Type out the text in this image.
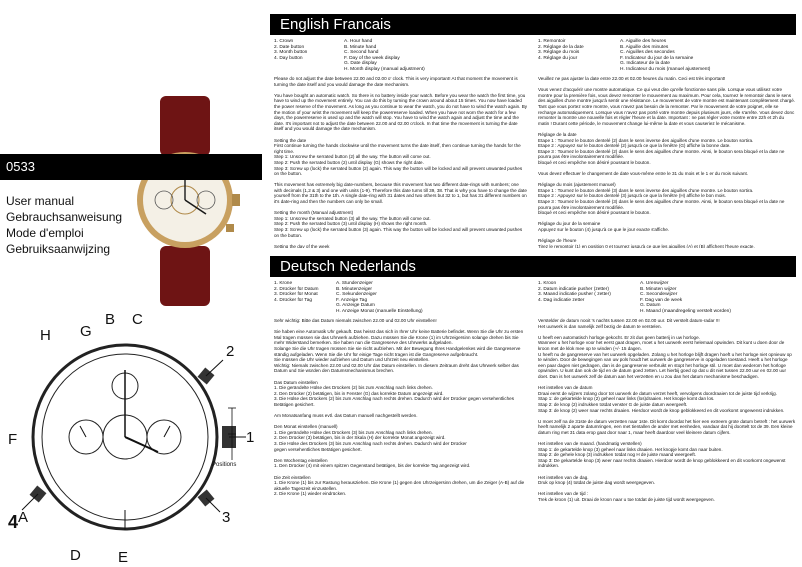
0533
User manual
Gebrauchsanweisung
Mode d'emploi
Gebruiksaanwijzing
B C
G
F
E
A
D
H
2
1
3
4
Positions
English Francais
1. Crown
2. Date button
3. Month button
4. Day button
A. Hour hand
B. Minute hand
C. Second hand
F. Day of the week display
G. Date display
H. Month display (manual adjustment)
1. Remontoir
2. Réglage de la date
3. Réglage du mois
4. Réglage du jour
A. Aiguille des heures
B. Aiguille des minutes
C. Aiguilles des secondes
F. Indicateur du jour de la semaine
G. Indicateur de la date
H. Indicateur du mois (manuel ajustement)
Please do not adjust the date between 22.00 and 02.00 o' clock. This is very important! At that moment the movement is turning the date itself and you would damage the date mechanism.

You have bought an automatic watch. So there is no battery inside your watch. Before you wear the watch the first time, you have to wind up the movement entirely. You can do this by turning the crown around about 15 times. You now have loaded the power reserve of the movement. As long as you continue to wear the watch, you do not have to wind the watch again. By the motion of your wrist the movement will keep the powerreserve loaded. When you have not worn the watch for a few days, the powerreserve is used up and the watch will stop. You have to wind the watch again and adjust the time and the date. It's important not to adjust the date between 22.00 and 02.00 o'clock. In that time the movement is turning the date itself and you would damage the date mechanism.

Setting the date
First continue turning the hands clockwise until the movement turns the date itself, then continue turning the hands for the right time.
Step 1: Unscrew the serrated button (2) all the way. The button will come out.
Step 2: Push the serrated button (2) until display (G) shows the right date.
Step 3: Screw up (lock) the serrated button (2) again. This way the button will be locked and will prevent unwanted pushes on the button.

This movement has extremely big date-numbers, because this movement has two different date-rings with numbers; one with decimals (1,2 & 3) and one with units (1-9). Therefore this date turns till 39, 38. That is why you have to change the date yourself from the 31th to the 1th. A single date-ring with 31 dates and two others but 32 to 1, but has 31 different numbers on it's date-ring and then the numbers can only be small.

Setting the month (Manual adjustment)
Step 1: Unscrew the serrated button (3) all the way. The button will come out.
Step 2: Push the serrated button (3) until display (H) shows the right month.
Step 3: Screw up (lock) the serrated button (3) again. This way the button will be locked and will prevent unwanted pushes on the button.

Setting the day of the week

Veuillez ne pas ajuster la date entre 22.00 et 02.00 heures du matin. Ceci est très important!

Vous venez d'acquérir une montre automatique. Ce qui veut dire qu'elle fonctionne sans pile. Lorsque vous utilisez votre montre pour la première fois, vous devez remonter le mouvement au maximum. Pour cela, tournez le remontoir dans le sens des aiguilles d'une montre jusqu'à sentir une résistance. Le mouvement de votre montre est maintenant complètement chargé. Tant que vous portez votre montre, vous n'avez pas besoin de la remonter. Par le mouvement de votre poignet, elle se recharge automatiquement. Lorsque vous n'avez pas porté votre montre depuis plusieurs jours, elle s'arrête. Vous devez donc remonter la montre une nouvelle fois et régler l'heure et la date. Important : ne pas régler votre montre entre 22h et 2h du matin ! Durant cette période, le mouvement change lui-même la date et vous causeriez le mécanisme.

Réglage de la date
Etape 1 : Tournez le bouton dentelé (2) dans le sens inverse des aiguilles d'une montre. Le bouton sortira.
Etape 2 : Appuyez sur le bouton dentelé (2) jusqu'à ce que la fenêtre (G) affiche la bonne date.
Etape 3 : Tournez le bouton dentelé (2) dans le sens des aiguilles d'une montre. Ainsi, le bouton sera bloqué et la date ne pourra pas être involontairement modifiée.
bloqué et ceci empêche non désiré poussant le bouton.

Vous devez effectuer le changement de date vous-même entre le 31 du mois et le 1 er du mois suivant.

Réglage du mois (ajustement manuel)
Etape 1 : Tournez le bouton dentelé (3) dans le sens inverse des aiguilles d'une montre. Le bouton sortira.
Etape 2 : Appuyez sur le bouton dentelé (3) jusqu'à ce que la fenêtre (H) affiche le bon mois.
Etape 3 : Tournez le bouton dentelé (3) dans le sens des aiguilles d'une montre. Ainsi, le bouton sera bloqué et la date ne pourra pas être involontairement modifiée.
bloqué et ceci empêche non désiré poussant le bouton.

Réglage du jour de la semaine
Appuyez sur le bouton (4) jusqu'à ce que le jour exacte s'affiche.

Réglage de l'heure
Tirez le remontoir (1) en position 0 et tournez jusqu'à ce que les aiguilles (A) et (B) affichent l'heure exacte.
Deutsch Nederlands
1. Krone
2. Drücker für Datum
3. Drücker für Monat
4. Drücker für Tag
A. Stundenzeiger
B. Minutenzeiger
C. Sekundenzeiger
F. Anzeige Tag
G. Anzeige Datum
H. Anzeige Monat (manuelle Einstellung)
1. Kroon
2. Datum indicatie pusher (zetter)
3. Maand indicatie pusher ( zetter)
4. Dag indicatie zetter
A. Urenwijzer
B. Minuten wijzer
C. Secondewijzer
F. Dag van de week
G. Datum
H. Maand (maandregeling verstelt worden)
Sehr wichtig: Bitte das Datum niemals zwischen 22.00 und 02.00 Uhr einstellen!

Sie haben eine Automatik Uhr gekauft. Das heisst das sich in Ihrer Uhr keine Batterie befindet. Wenn Sie die Uhr zu ersten Mal tragen müssen sie das Uhrwerk aufziehen. Dazu müssen Sie die Krone (1) im Uhrzeigersinn solange drehen bis Sie mehr Widerstand bemerken. Sie haben nun die Gangreserve des Uhrwerks aufgeladen.
Solange Sie die Uhr tragen müssen Sie sie nicht aufziehen. Mit der Bewegung Ihres Handgelenkes wird die Gangreserve ständig aufgeladen. Wenn Sie die Uhr für einige Tage nicht tragen ist die Gangreserve aufgebraucht.
Sie müssen die Uhr wieder aufziehen und Datum und Uhrzeit neu einstellen.
Wichtig: Niemals zwischen 22.00 und 02.00 Uhr das Datum einstellen. In diesem Zeitraum dreht das Uhrwerk selber das Datum und Sie würden den Datumsmechanismus brechen.

Das Datum einstellen
1. Die gerändelte Hülse des Drückers (2) bis zum Anschlag nach links drehen.
2. Den Drücker (2) betätigen, bis in Fenster (G) das korrekte Datum angezeigt wird.
3. Die Hülse des Drückers (2) bis zum Anschlag nach rechts drehen. Dadurch wird der Drücker gegen versehentliches Betätigen gesichert.

Am Monatsanfang muss evtl. das Datum manuell nachgestellt werden.

Den Monat einstellen (manuell)
1. Die gerändelte Hülse des Drückers (3) bis zum Anschlag nach links drehen.
2. Den Drücker (3) betätigen, bis in der Skala (H) der korrekte Monat angezeigt wird.
3. Die Hülse des Drückers (3) bis zum Anschlag nach rechts drehen. Dadurch wird der Drücker
gegen versehentliches Betätigen gesichert.

Den Wochentag einstellen
1. Den Drücker (4) mit einem spitzen Gegenstand betätigen, bis der korrekte Tag angezeigt wird.

Die Zeit einstellen
1. Die Krone (1) bis zur Rastung herausziehen. Die Krone (1) gegen den Uhrzeigersinn drehen, um die Zeiger (A-B) auf die aktuelle Tageszeit einzustellen.
2. Die Krone (1) wieder eindrücken.
Verstelder de datum nooit 's nachts tussen 22.00 en 02.00 uur. Dit verstelt datum-radar !!!
Het uurwerk is dan namelijk zelf bezig de datum te verstelen.

U heeft een automatisch horloge gekocht. Er zit dus geen batterij in uw horloge.
Wanneer u het horloge voor het eerst gaat dragen, moet u het uurwerk eerst helemaal opwinden. Dit kunt u doen door de kroon met de klok mee op te winden (+/- 15 dagen.
U heeft nu de gangreserve van het uurwerk opgeladen. Zolang u het horloge blijft dragen hoeft u het horloge niet opnieuw op te winden. Door de bewegingen van uw pols houdt het uurwerk de gangreserve in opgeladen toestand. Heeft u het horloge een paar dagen niet gedragen, dan is de gangreserve verbruikt en stopt het horloge stil. U moet dan wederom het horloge opwinden. U kunt dan ook de tijd en de datum goed zetten. Let hierbij goed op dat u dit niet tussen 22.00 uur en 02.00 uur doet. Dan is het uurwerk zelf de datum aan het verzetten en u zou dan het datum mechanisme beschadigen.

Het instellen van de datum
Draai eerst de wijzers zolang door tot uurwerk de datum verzet heeft, vervolgens doordraaien tot de juiste tijd verkrijg.
Stap 1: de gekartelde knop (2) geheel naar links (los)draaien. Het knopje komt dan los.
Stap 2: de knop (2) indrukken totdat venster G de juiste datum weergeeft.
Stap 3: de knop (2) weer naar rechts draaien. Hierdoor wordt de knop geblokkeerd en dit voorkomt ongewenst indrukken.

U moet zelf na de 31ste de datum verzetten naar 1ste. Dit komt doordat het hier een extreem grote datum betreft : het uurwerk heeft namelijk 2 aparte datumringen, een met tientallen de ander met eenheden, vandaar dat hij doortelt tot de 39. Een kleine datum ring met 31 data erop gaat door naar 1, maar heeft daardoor veel kleinere datum cijfers.

Het instellen van de maand. (handmatig verstellen)
Stap 1: de gekartelde knop (3) geheel naar links draaien. Het knopje komt dan naar buiten.
Stap 2: de gehele knop (3) indrukken totdat nog H de juiste maand weergeeft.
Stap 3: De gekartelde knop (3) weer naar rechts draaien. Hierdoor wordt de knop geblokkeerd en dit voorkomt ongewenst indrukken.

Het instellen van de dag.
Druk op knop (4) totdat de juiste dag wordt weergegeven.

Het instellen van de tijd :
Trek de kroon (1) uit. Draai de kroon naar u toe totdat de juiste tijd wordt weergegeven.
